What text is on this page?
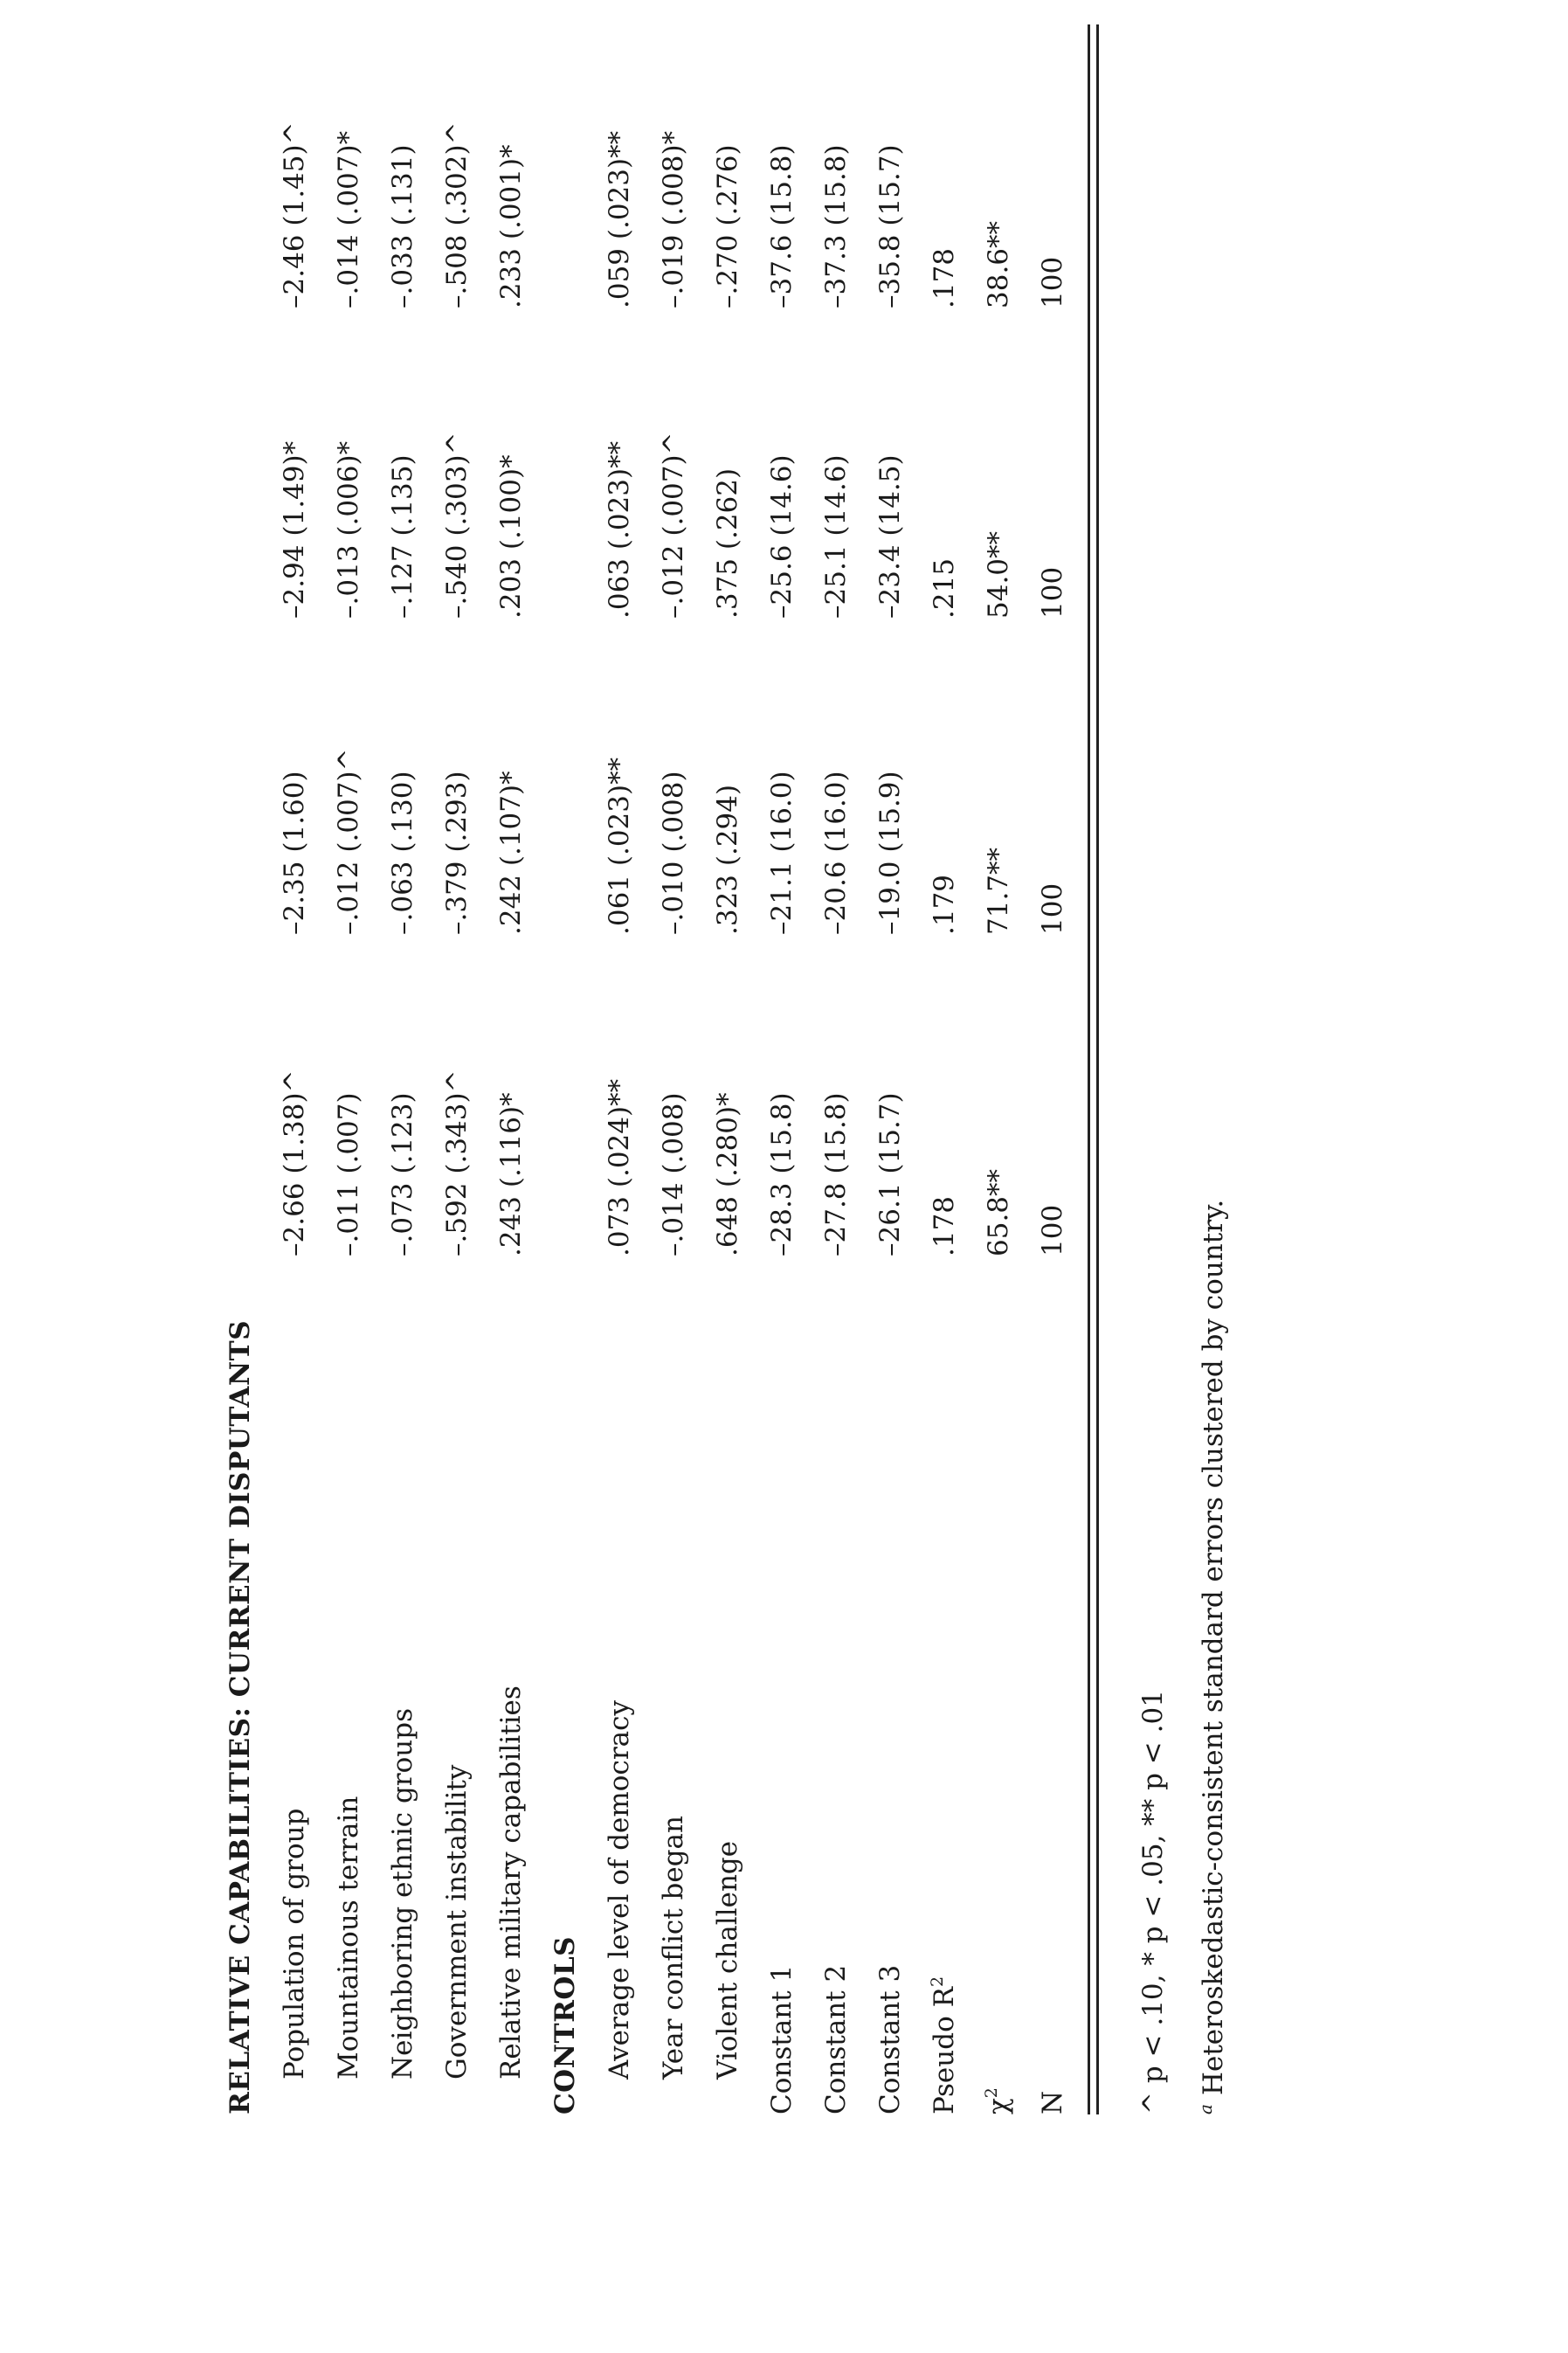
RELATIVE CAPABILITIES: CURRENT DISPUTANTS Population of group
–2.66 (1.38)^
–2.35 (1.60)
–2.94 (1.49)*
–2.46 (1.45)^
Mountainous terrain
–.011 (.007)
–.012 (.007)^
–.013 (.006)*
–.014 (.007)*
Neighboring ethnic groups
–.073 (.123)
–.063 (.130)
–.127 (.135)
–.033 (.131)
Government instability
–.592 (.343)^
–.379 (.293)
–.540 (.303)^
–.508 (.302)^
Relative military capabilities
.243 (.116)*
.242 (.107)*
.203 (.100)*
.233 (.001)*
CONTROLS Average level of democracy
.073 (.024)**
.061 (.023)**
.063 (.023)**
.059 (.023)**
Year conflict began
–.014 (.008)
–.010 (.008)
–.012 (.007)^
–.019 (.008)*
Violent challenge
.648 (.280)*
.323 (.294)
.375 (.262)
–.270 (.276)
Constant 1
–28.3 (15.8)
–21.1 (16.0)
–25.6 (14.6)
–37.6 (15.8)
Constant 2
–27.8 (15.8)
–20.6 (16.0)
–25.1 (14.6)
–37.3 (15.8)
Constant 3
–26.1 (15.7)
–19.0 (15.9)
–23.4 (14.5)
–35.8 (15.7)
Pseudo $R^2$
.178
.179
.215
.178
$\chi^2$
65.8**
71.7**
54.0**
38.6**
N
100
100
100
100
^ p < .10, * p < .05, ** p < .01	$^a$Heteroskedastic-consistent standard errors clustered by country.
